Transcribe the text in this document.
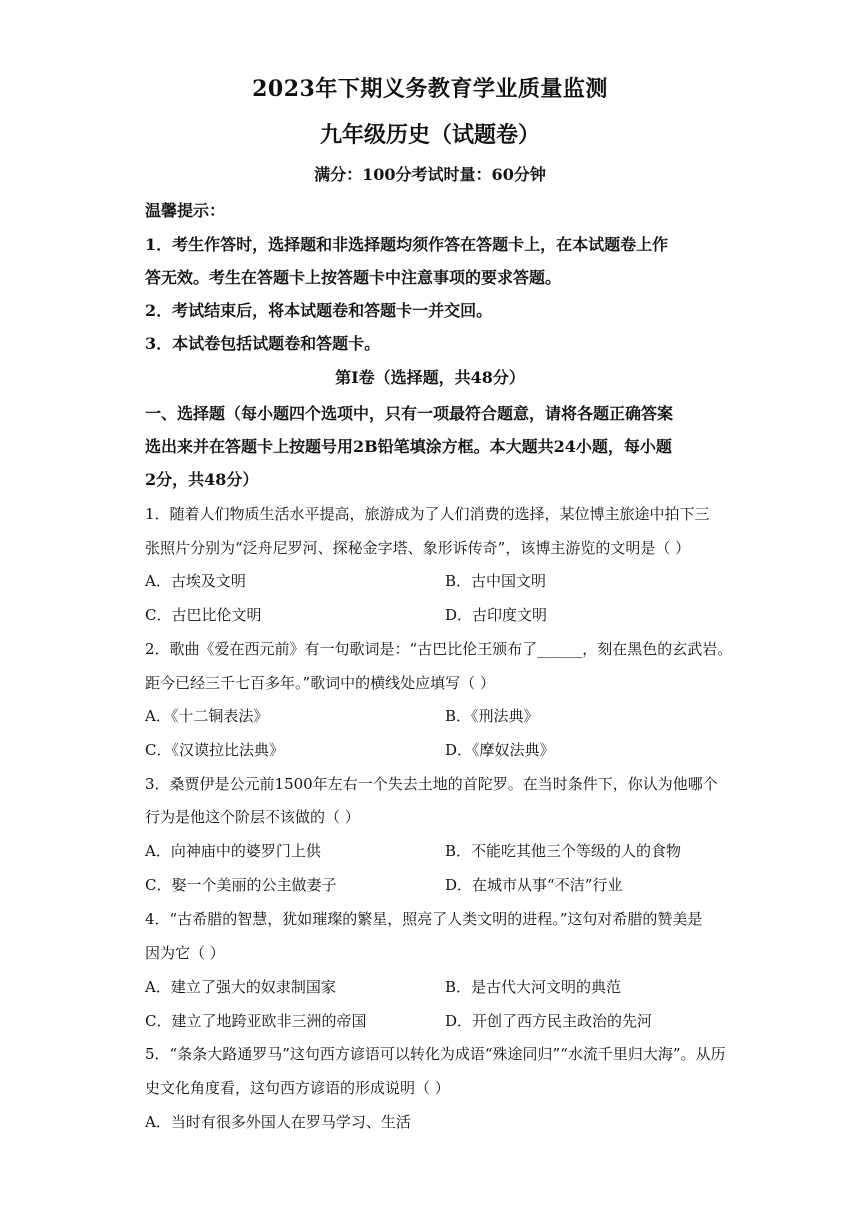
2023年下期义务教育学业质量监测
九年级历史（试题卷）
满分：100分考试时量：60分钟
温馨提示：
1．考生作答时，选择题和非选择题均须作答在答题卡上，在本试题卷上作
答无效。考生在答题卡上按答题卡中注意事项的要求答题。
2．考试结束后，将本试题卷和答题卡一并交回。
3．本试卷包括试题卷和答题卡。
第Ⅰ卷（选择题，共48分）
一、选择题（每小题四个选项中，只有一项最符合题意，请将各题正确答案
选出来并在答题卡上按题号用2B铅笔填涂方框。本大题共24小题，每小题
2分，共48分）
1．随着人们物质生活水平提高，旅游成为了人们消费的选择，某位博主旅途中拍下三
张照片分别为“泛舟尼罗河、探秘金字塔、象形诉传奇”，该博主游览的文明是（ ）
A．古埃及文明	B．古中国文明
C．古巴比伦文明	D．古印度文明
2．歌曲《爱在西元前》有一句歌词是：“古巴比伦王颁布了______，刻在黑色的玄武岩。
距今已经三千七百多年。”歌词中的横线处应填写（ ）
A．《十二铜表法》	B．《刑法典》
C．《汉谟拉比法典》	D．《摩奴法典》
3．桑贾伊是公元前1500年左右一个失去土地的首陀罗。在当时条件下，你认为他哪个
行为是他这个阶层不该做的（ ）
A．向神庙中的婆罗门上供	B．不能吃其他三个等级的人的食物
C．娶一个美丽的公主做妻子	D．在城市从事“不洁”行业
4．“古希腊的智慧，犹如璀璨的繁星，照亮了人类文明的进程。”这句对希腊的赞美是
因为它（ ）
A．建立了强大的奴隶制国家	B．是古代大河文明的典范
C．建立了地跨亚欧非三洲的帝国	D．开创了西方民主政治的先河
5．“条条大路通罗马”这句西方谚语可以转化为成语“殊途同归”“水流千里归大海”。从历
史文化角度看，这句西方谚语的形成说明（ ）
A．当时有很多外国人在罗马学习、生活
